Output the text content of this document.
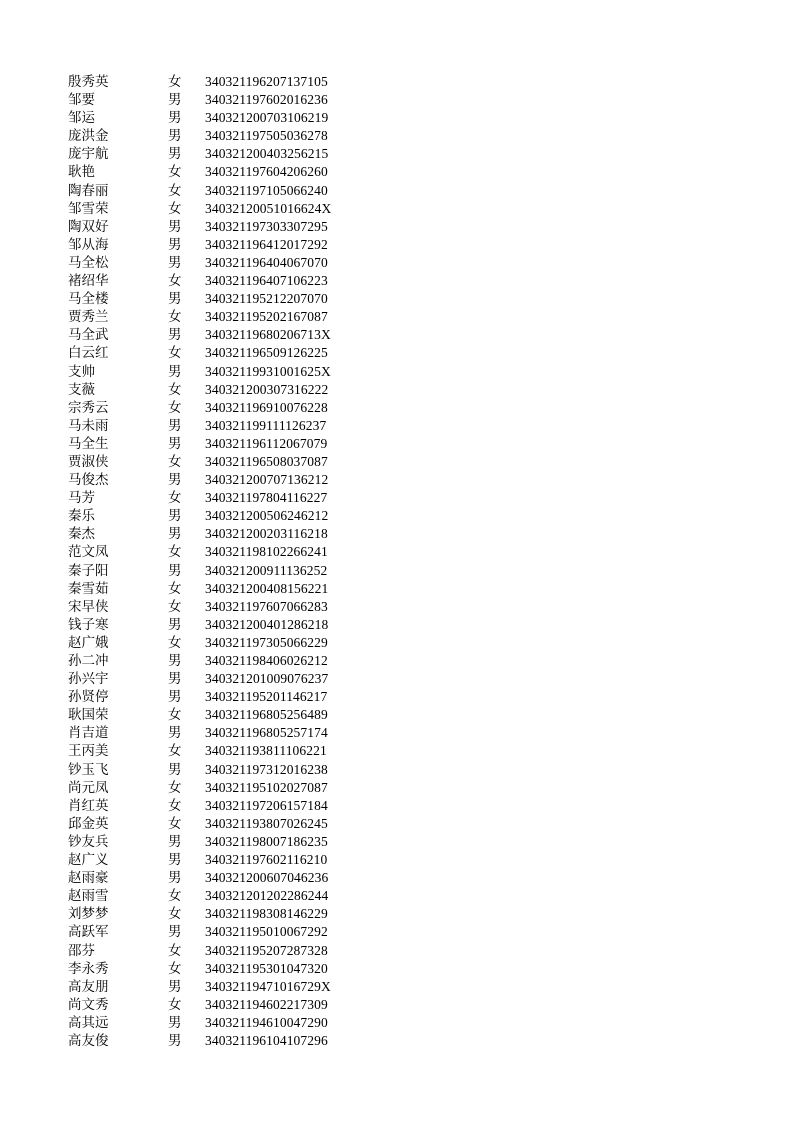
殷秀英	女	340321196207137105
邹要	男	340321197602016236
邹运	男	340321200703106219
庞洪金	男	340321197505036278
庞宇航	男	340321200403256215
耿艳	女	340321197604206260
陶春丽	女	340321197105066240
邹雪荣	女	34032120051016624X
陶双好	男	340321197303307295
邹从海	男	340321196412017292
马全松	男	340321196404067070
褚绍华	女	340321196407106223
马全楼	男	340321195212207070
贾秀兰	女	340321195202167087
马全武	男	34032119680206713X
白云红	女	340321196509126225
支帅	男	34032119931001625X
支薇	女	340321200307316222
宗秀云	女	340321196910076228
马未雨	男	340321199111126237
马全生	男	340321196112067079
贾淑侠	女	340321196508037087
马俊杰	男	340321200707136212
马芳	女	340321197804116227
秦乐	男	340321200506246212
秦杰	男	340321200203116218
范文凤	女	340321198102266241
秦子阳	男	340321200911136252
秦雪茹	女	340321200408156221
宋早侠	女	340321197607066283
钱子寒	男	340321200401286218
赵广娥	女	340321197305066229
孙二冲	男	340321198406026212
孙兴宇	男	340321201009076237
孙贤停	男	340321195201146217
耿国荣	女	340321196805256489
肖吉道	男	340321196805257174
王丙美	女	340321193811106221
钞玉飞	男	340321197312016238
尚元凤	女	340321195102027087
肖红英	女	340321197206157184
邱金英	女	340321193807026245
钞友兵	男	340321198007186235
赵广义	男	340321197602116210
赵雨豪	男	340321200607046236
赵雨雪	女	340321201202286244
刘梦梦	女	340321198308146229
高跃军	男	340321195010067292
邵芬	女	340321195207287328
李永秀	女	340321195301047320
高友朋	男	34032119471016729X
尚文秀	女	340321194602217309
高其远	男	340321194610047290
高友俊	男	340321196104107296
